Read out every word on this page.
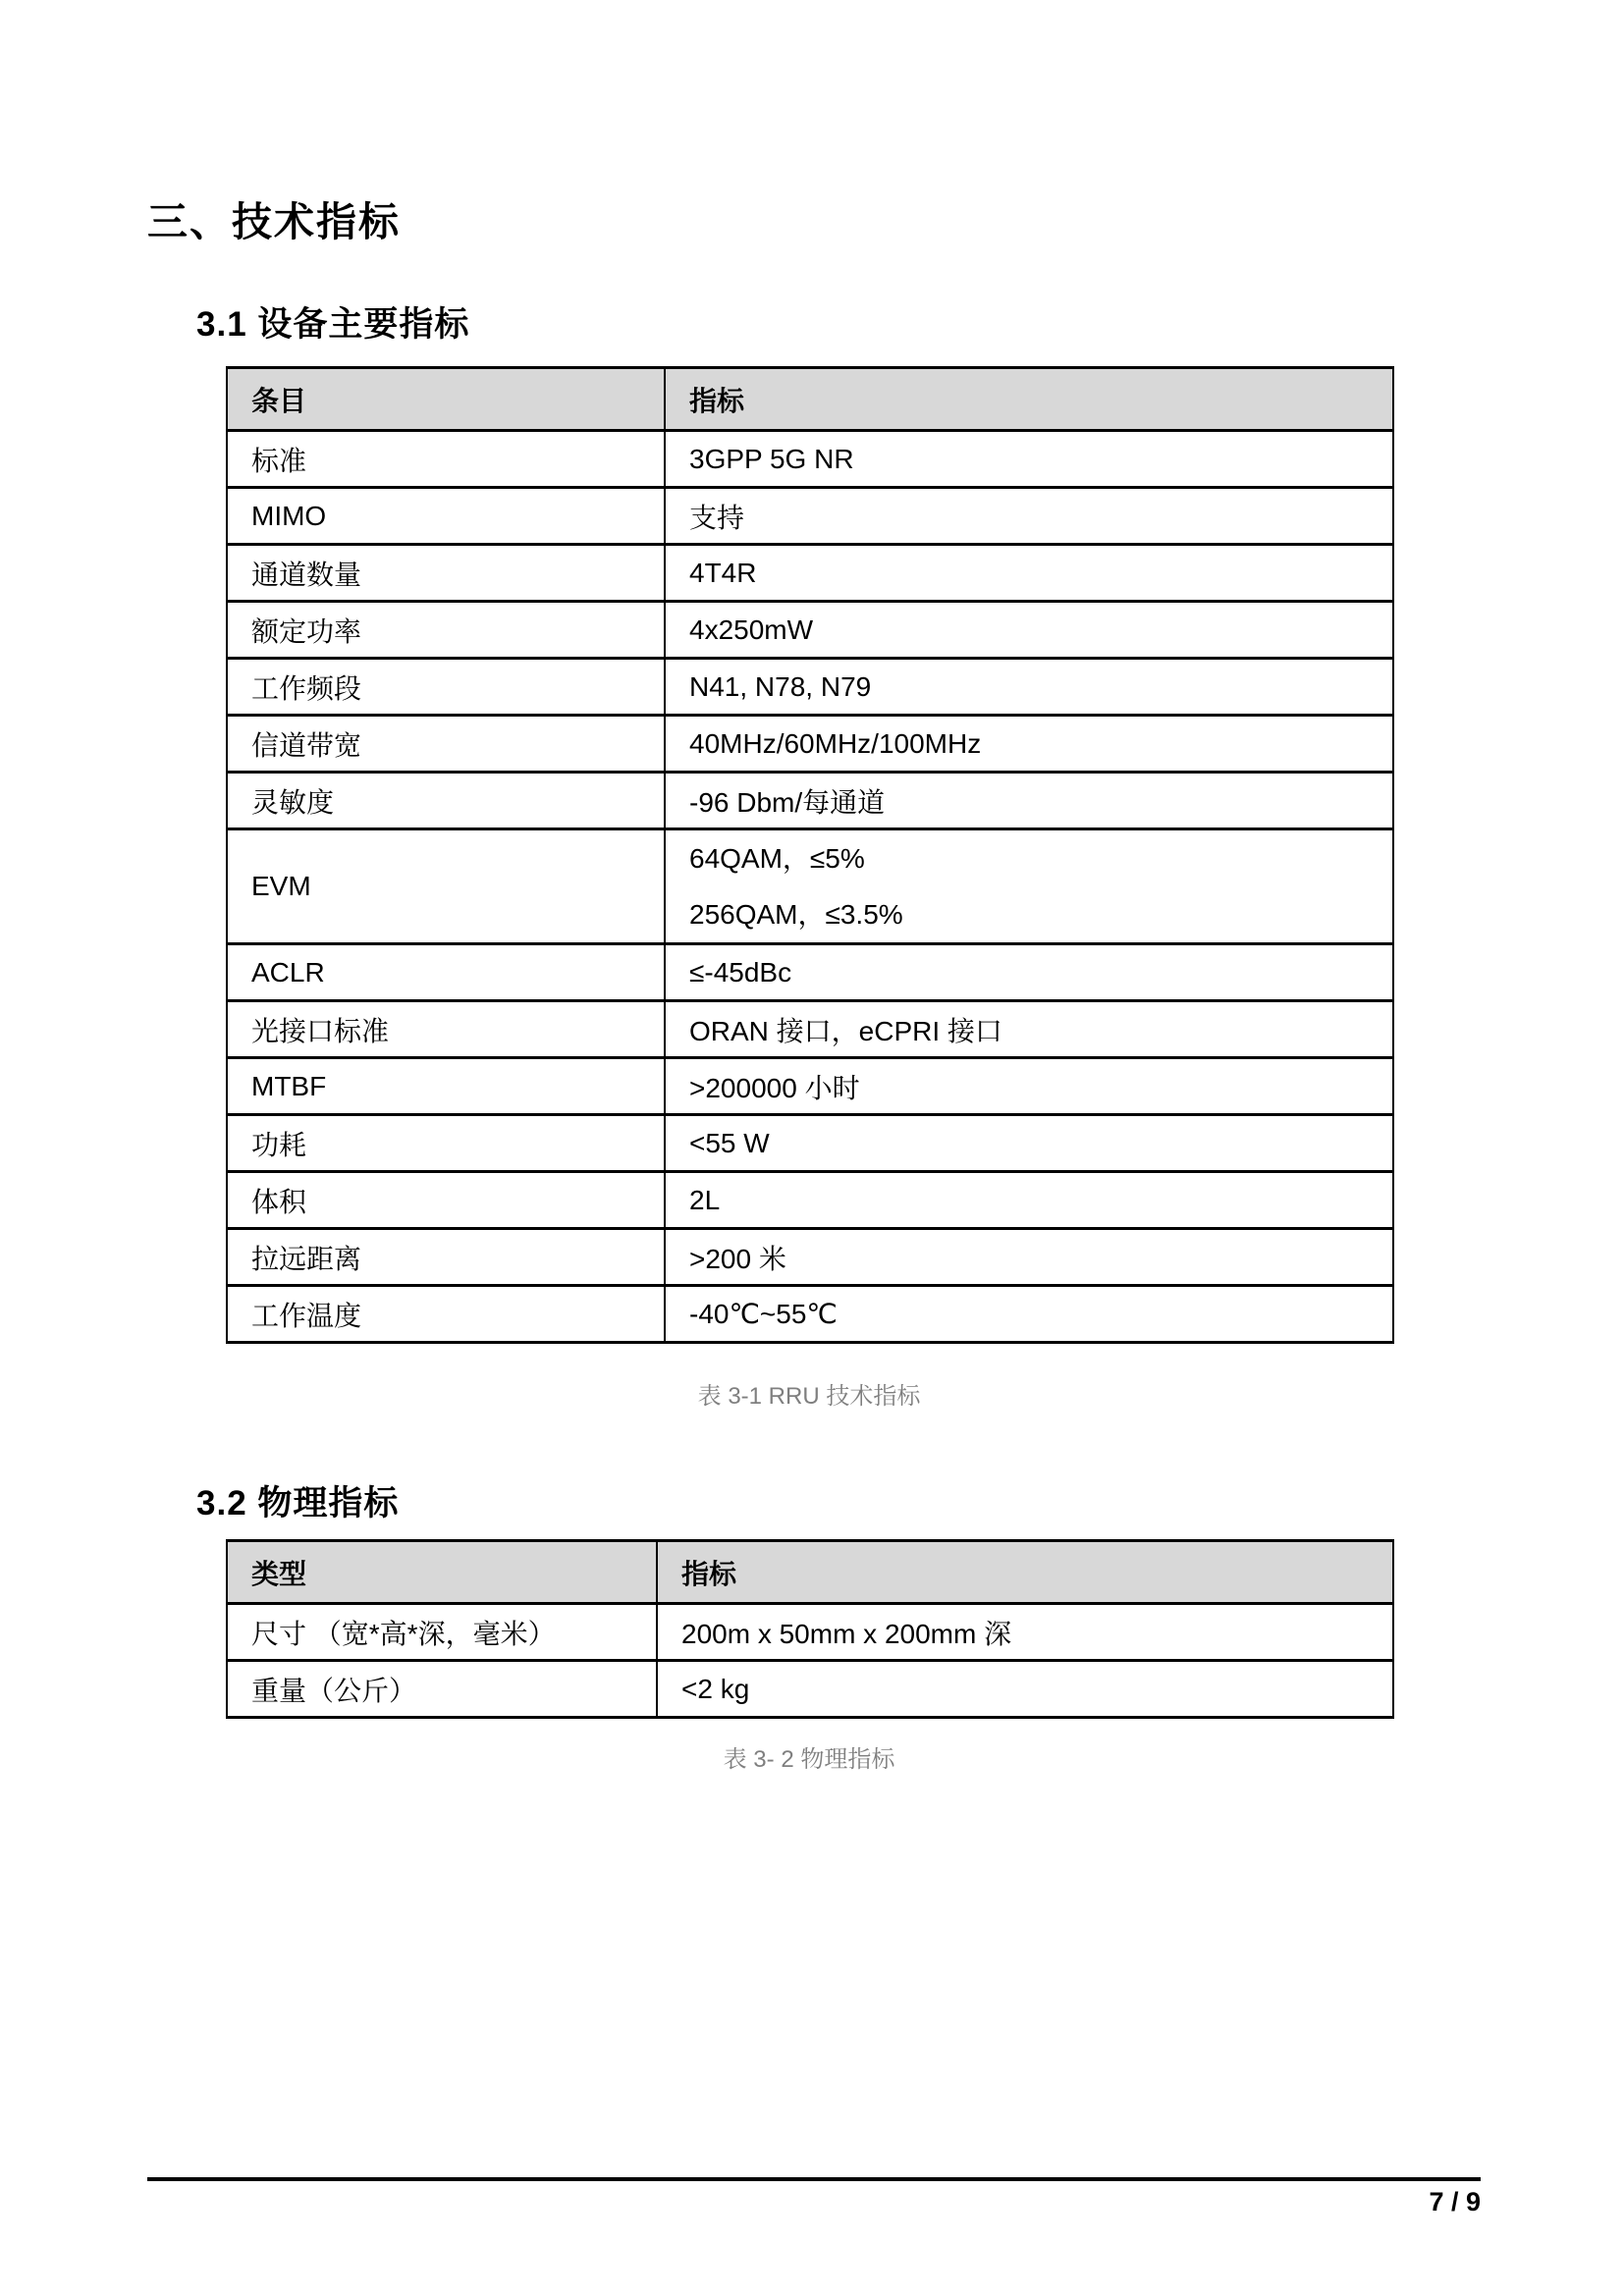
三、技术指标
3.1 设备主要指标
条目	指标
标准	3GPP 5G NR
MIMO	支持
通道数量	4T4R
额定功率	4x250mW
工作频段	N41, N78, N79
信道带宽	40MHz/60MHz/100MHz
灵敏度	-96 Dbm/每通道
EVM	64QAM，≤5%
256QAM，≤3.5%

ACLR	≤-45dBc
光接口标准	ORAN 接口，eCPRI 接口
MTBF	>200000 小时
功耗	<55 W
体积	2L
拉远距离	>200 米
工作温度	-40℃~55℃
表 3-1 RRU 技术指标
3.2 物理指标
类型	指标
尺寸 （宽*高*深，毫米）	200m x 50mm x 200mm 深
重量（公斤）	<2 kg
表 3- 2 物理指标
7 / 9
